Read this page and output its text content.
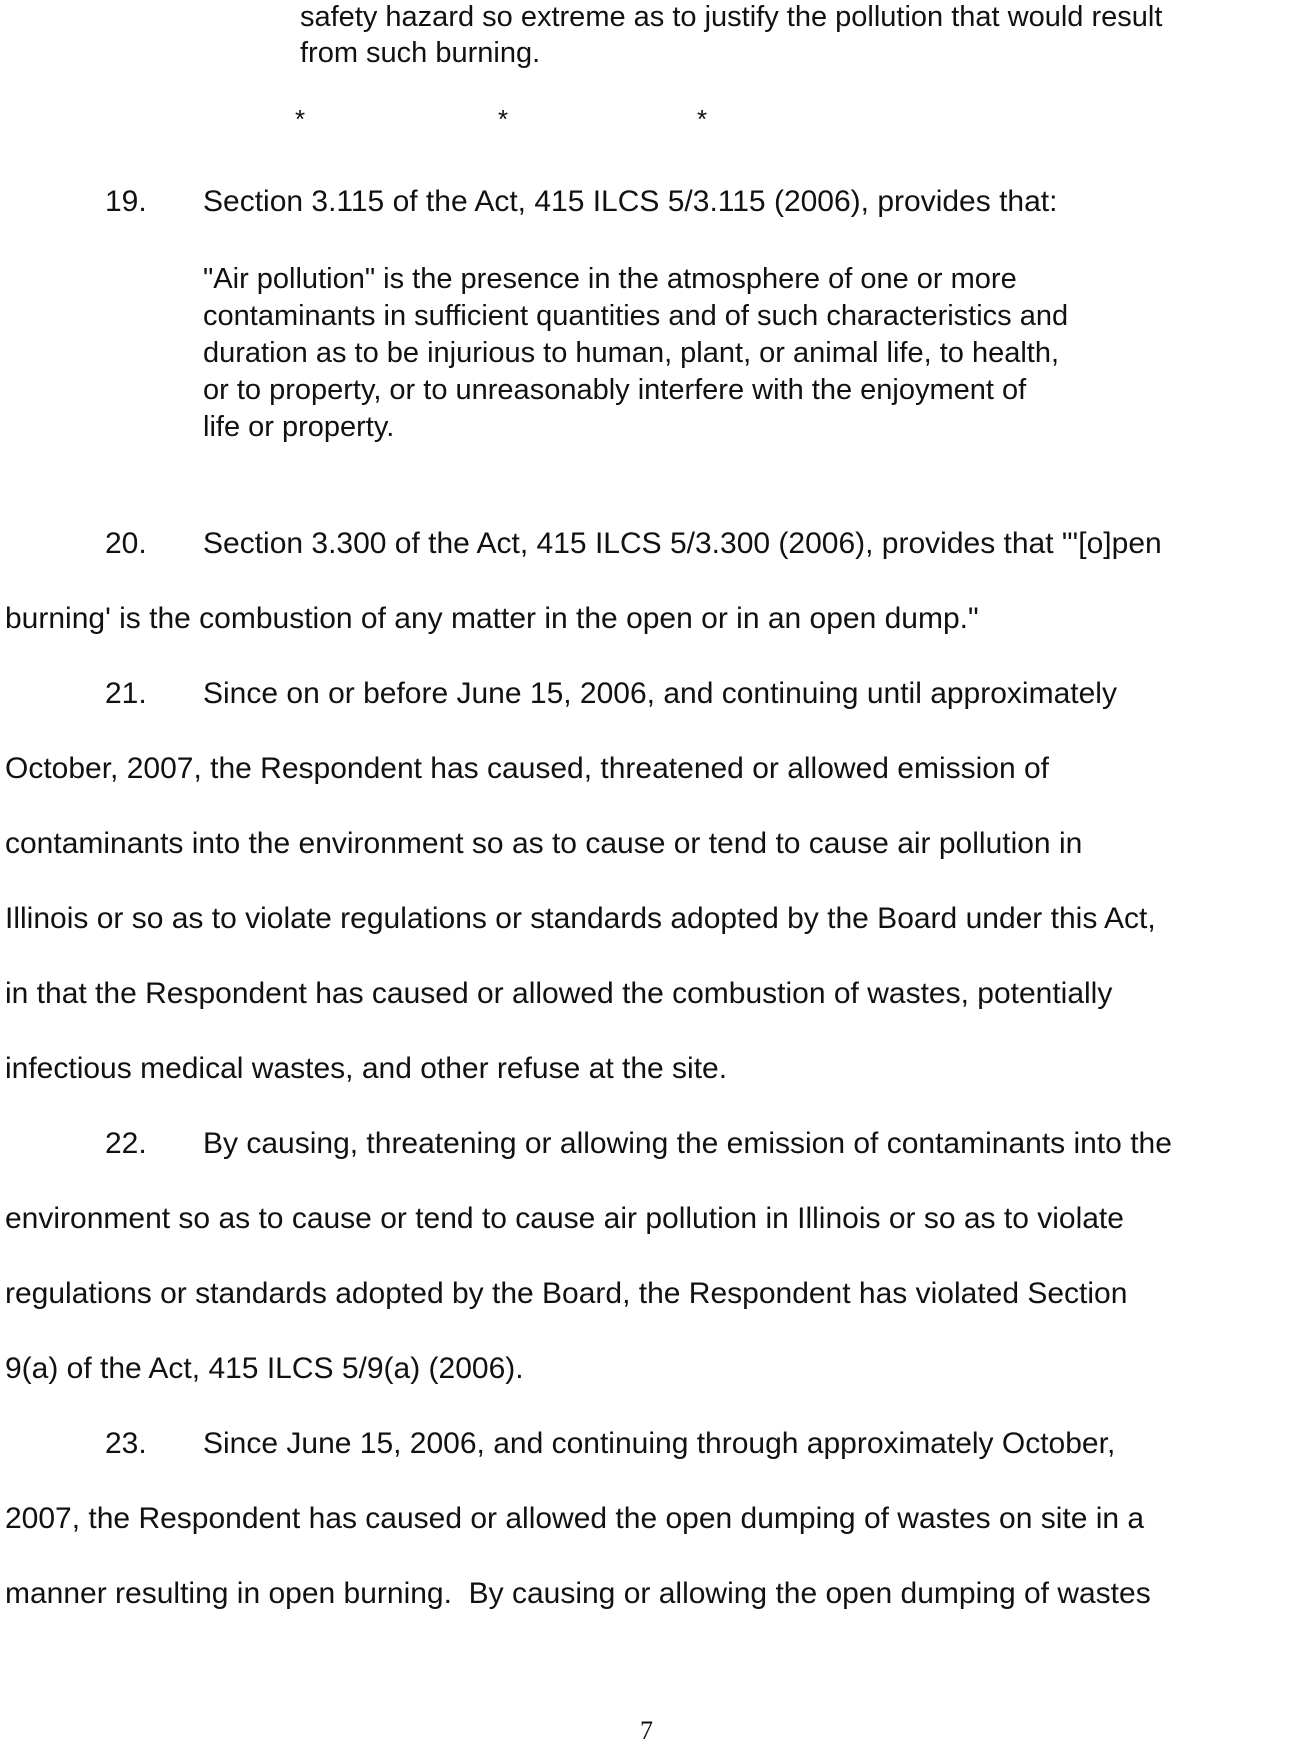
safety hazard so extreme as to justify the pollution that would result
from such burning.
*	*	*
19. Section 3.115 of the Act, 415 ILCS 5/3.115 (2006), provides that:
"Air pollution" is the presence in the atmosphere of one or more
contaminants in sufficient quantities and of such characteristics and
duration as to be injurious to human, plant, or animal life, to health,
or to property, or to unreasonably interfere with the enjoyment of
life or property.
20. Section 3.300 of the Act, 415 ILCS 5/3.300 (2006), provides that "'[o]pen
burning' is the combustion of any matter in the open or in an open dump."
21. Since on or before June 15, 2006, and continuing until approximately
October, 2007, the Respondent has caused, threatened or allowed emission of
contaminants into the environment so as to cause or tend to cause air pollution in
Illinois or so as to violate regulations or standards adopted by the Board under this Act,
in that the Respondent has caused or allowed the combustion of wastes, potentially
infectious medical wastes, and other refuse at the site.
22. By causing, threatening or allowing the emission of contaminants into the
environment so as to cause or tend to cause air pollution in Illinois or so as to violate
regulations or standards adopted by the Board, the Respondent has violated Section
9(a) of the Act, 415 ILCS 5/9(a) (2006).
23. Since June 15, 2006, and continuing through approximately October,
2007, the Respondent has caused or allowed the open dumping of wastes on site in a
manner resulting in open burning.  By causing or allowing the open dumping of wastes
7
